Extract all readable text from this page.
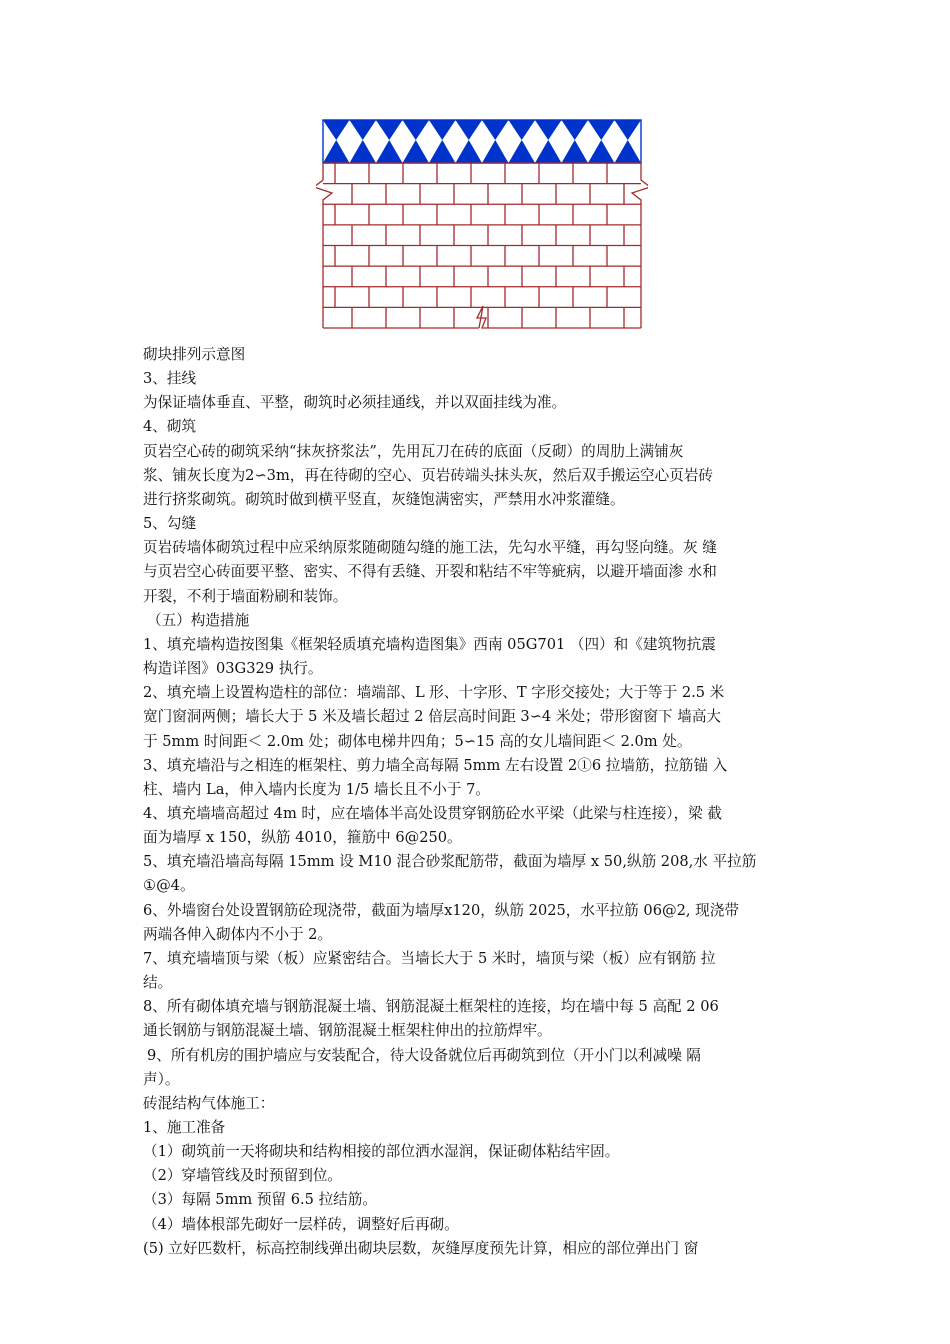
砌块排列示意图

3、挂线

为保证墙体垂直、平整，砌筑时必须挂通线，并以双面挂线为准。

4、砌筑

页岩空心砖的砌筑采纳“抹灰挤浆法”，先用瓦刀在砖的底面（反砌）的周肋上满铺灰

浆、铺灰长度为2∽3m，再在待砌的空心、页岩砖端头抹头灰，然后双手搬运空心页岩砖

进行挤浆砌筑。砌筑时做到横平竖直，灰缝饱满密实，严禁用水冲浆灌缝。

5、勾缝

页岩砖墙体砌筑过程中应采纳原浆随砌随勾缝的施工法，先勾水平缝，再勾竖向缝。灰 缝

与页岩空心砖面要平整、密实、不得有丢缝、开裂和粘结不牢等疵病，以避开墙面渗 水和

开裂，不利于墙面粉刷和装饰。

（五）构造措施

1、填充墙构造按图集《框架轻质填充墙构造图集》西南 05G701 （四）和《建筑物抗震

构造详图》03G329 执行。

2、填充墙上设置构造柱的部位：墙端部、L 形、十字形、T 字形交接处；大于等于 2.5 米

宽门窗洞两侧；墙长大于 5 米及墙长超过 2 倍层高时间距 3∽4 米处；带形窗窗下 墙高大

于 5mm 时间距＜ 2.0m 处；砌体电梯井四角；5∽15 高的女儿墙间距＜ 2.0m 处。

3、填充墙沿与之相连的框架柱、剪力墙全高每隔 5mm 左右设置 2①6 拉墙筋，拉筋锚 入

柱、墙内 La，伸入墙内长度为 1/5 墙长且不小于 7。

4、填充墙墙高超过 4m 时，应在墙体半高处设贯穿钢筋砼水平梁（此梁与柱连接），梁 截

面为墙厚 x 150，纵筋 4010，箍筋中 6@250。

5、填充墙沿墙高每隔 15mm 设 M10 混合砂浆配筋带，截面为墙厚 x 50,纵筋 208,水 平拉筋

①@4。

6、外墙窗台处设置钢筋砼现浇带，截面为墙厚x120，纵筋 2025，水平拉筋 06@2, 现浇带

两端各伸入砌体内不小于 2。

7、填充墙墙顶与梁（板）应紧密结合。当墙长大于 5 米时，墙顶与梁（板）应有钢筋 拉

结。

8、所有砌体填充墙与钢筋混凝土墙、钢筋混凝土框架柱的连接，均在墙中每 5 高配 2 06

通长钢筋与钢筋混凝土墙、钢筋混凝土框架柱伸出的拉筋焊牢。

9、所有机房的围护墙应与安装配合，待大设备就位后再砌筑到位（开小门以利减噪 隔

声）。

砖混结构气体施工：

1、施工准备

（1）砌筑前一天将砌块和结构相接的部位洒水湿润，保证砌体粘结牢固。

（2）穿墙管线及时预留到位。

（3）每隔 5mm 预留 6.5 拉结筋。

（4）墙体根部先砌好一层样砖，调整好后再砌。

(5) 立好匹数杆，标高控制线弹出砌块层数，灰缝厚度预先计算，相应的部位弹出门 窗
